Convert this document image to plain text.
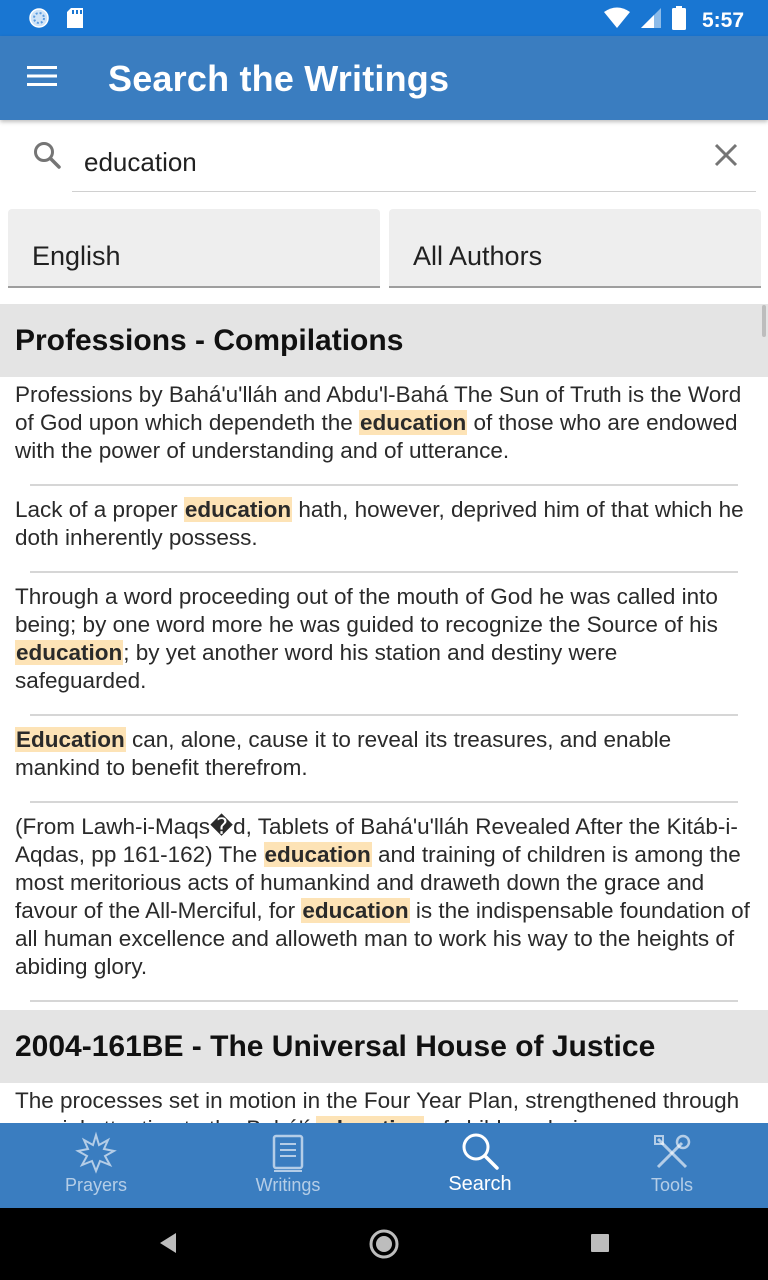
5:57
Search the Writings
education
English	All Authors
Professions - Compilations
Professions by Bahá'u'lláh and Abdu'l-Bahá The Sun of Truth is the Word of God upon which dependeth the education of those who are endowed with the power of understanding and of utterance.
Lack of a proper education hath, however, deprived him of that which he doth inherently possess.
Through a word proceeding out of the mouth of God he was called into being; by one word more he was guided to recognize the Source of his education; by yet another word his station and destiny were safeguarded.
Education can, alone, cause it to reveal its treasures, and enable mankind to benefit therefrom.
(From Lawh-i-Maqs�d, Tablets of Bahá'u'lláh Revealed After the Kitáb-i-Aqdas, pp 161-162) The education and training of children is among the most meritorious acts of humankind and draweth down the grace and favour of the All-Merciful, for education is the indispensable foundation of all human excellence and alloweth man to work his way to the heights of abiding glory.
2004-161BE - The Universal House of Justice
The processes set in motion in the Four Year Plan, strengthened through
Prayers	Writings	Search	Tools
